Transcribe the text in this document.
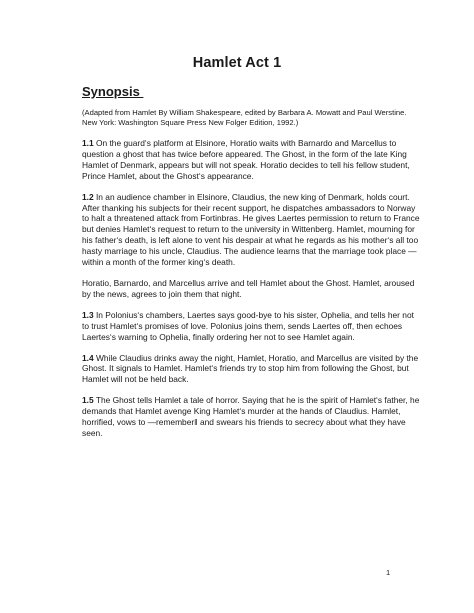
Hamlet Act 1
Synopsis

(Adapted from Hamlet By William Shakespeare, edited by Barbara A. Mowatt and Paul Werstine. New York: Washington Square Press New Folger Edition, 1992.)

1.1 On the guard‘s platform at Elsinore, Horatio waits with Barnardo and Marcellus to question a ghost that has twice before appeared. The Ghost, in the form of the late King Hamlet of Denmark, appears but will not speak. Horatio decides to tell his fellow student, Prince Hamlet, about the Ghost‘s appearance.

1.2 In an audience chamber in Elsinore, Claudius, the new king of Denmark, holds court. After thanking his subjects for their recent support, he dispatches ambassadors to Norway to halt a threatened attack from Fortinbras. He gives Laertes permission to return to France but denies Hamlet‘s request to return to the university in Wittenberg. Hamlet, mourning for his father‘s death, is left alone to vent his despair at what he regards as his mother‘s all too hasty marriage to his uncle, Claudius. The audience learns that the marriage took place —within a month of the former king‘s death.

Horatio, Barnardo, and Marcellus arrive and tell Hamlet about the Ghost. Hamlet, aroused by the news, agrees to join them that night.

1.3 In Polonius‘s chambers, Laertes says good-bye to his sister, Ophelia, and tells her not to trust Hamlet‘s promises of love. Polonius joins them, sends Laertes off, then echoes Laertes‘s warning to Ophelia, finally ordering her not to see Hamlet again.

1.4 While Claudius drinks away the night, Hamlet, Horatio, and Marcellus are visited by the Ghost. It signals to Hamlet. Hamlet‘s friends try to stop him from following the Ghost, but Hamlet will not be held back.

1.5 The Ghost tells Hamlet a tale of horror. Saying that he is the spirit of Hamlet‘s father, he demands that Hamlet avenge King Hamlet‘s murder at the hands of Claudius. Hamlet, horrified, vows to —rememberǁ and swears his friends to secrecy about what they have seen.

1
